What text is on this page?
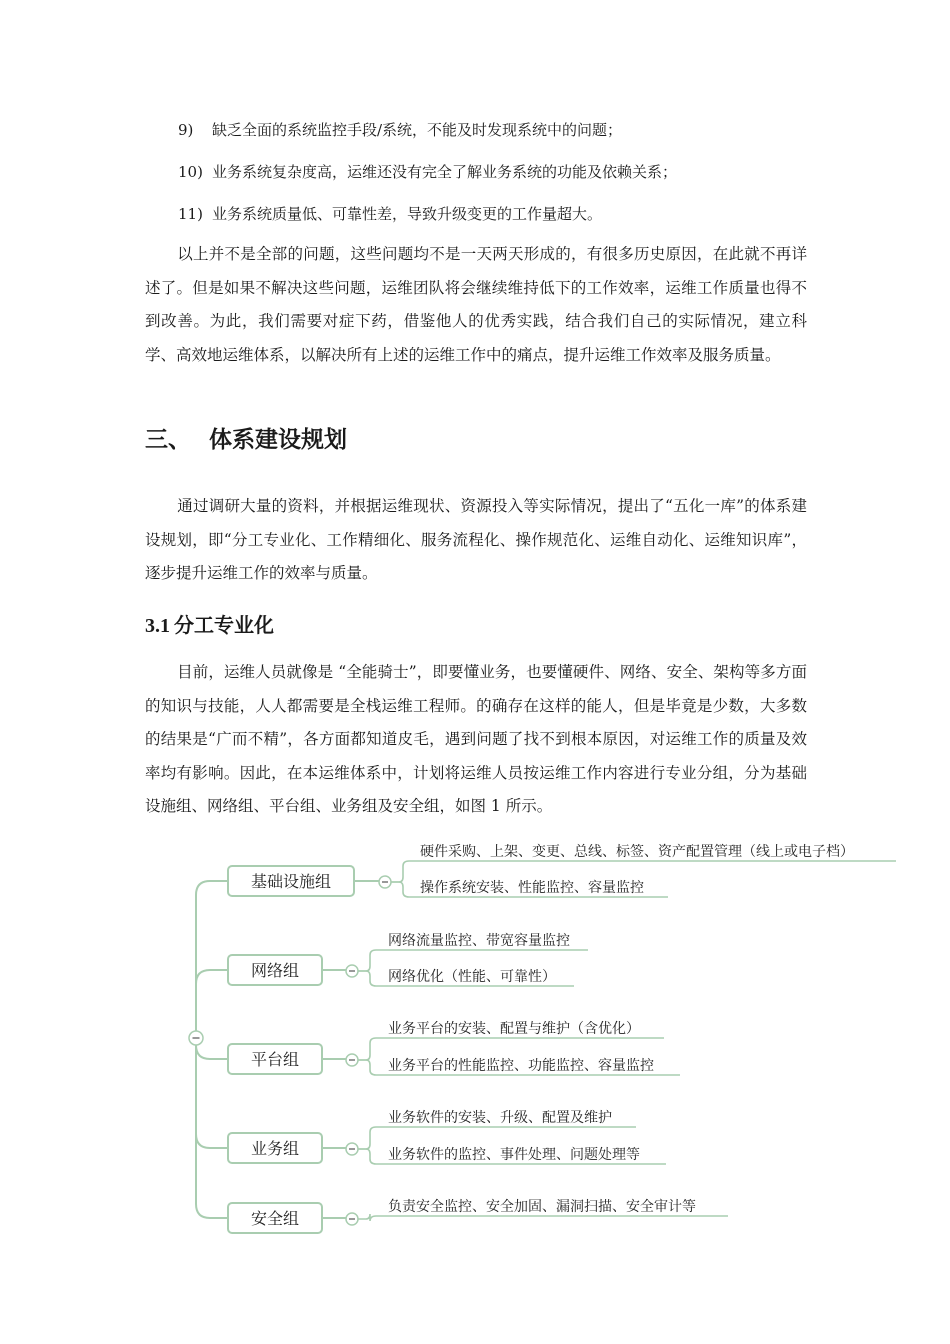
9) 缺乏全面的系统监控手段/系统，不能及时发现系统中的问题；
10) 业务系统复杂度高，运维还没有完全了解业务系统的功能及依赖关系；
11) 业务系统质量低、可靠性差，导致升级变更的工作量超大。

以上并不是全部的问题，这些问题均不是一天两天形成的，有很多历史原因，在此就不再详述了。但是如果不解决这些问题，运维团队将会继续维持低下的工作效率，运维工作质量也得不到改善。为此，我们需要对症下药，借鉴他人的优秀实践，结合我们自己的实际情况，建立科学、高效地运维体系，以解决所有上述的运维工作中的痛点，提升运维工作效率及服务质量。

三、 体系建设规划

通过调研大量的资料，并根据运维现状、资源投入等实际情况，提出了“五化一库”的体系建设规划，即“分工专业化、工作精细化、服务流程化、操作规范化、运维自动化、运维知识库”，逐步提升运维工作的效率与质量。

3.1 分工专业化

目前，运维人员就像是 “全能骑士”，即要懂业务，也要懂硬件、网络、安全、架构等多方面的知识与技能，人人都需要是全栈运维工程师。的确存在这样的能人，但是毕竟是少数，大多数的结果是“广而不精”，各方面都知道皮毛，遇到问题了找不到根本原因，对运维工作的质量及效率均有影响。因此，在本运维体系中，计划将运维人员按运维工作内容进行专业分组，分为基础设施组、网络组、平台组、业务组及安全组，如图 1 所示。

基础设施组
硬件采购、上架、变更、总线、标签、资产配置管理（线上或电子档）
操作系统安装、性能监控、容量监控
网络组
网络流量监控、带宽容量监控
网络优化（性能、可靠性）
平台组
业务平台的安装、配置与维护（含优化）
业务平台的性能监控、功能监控、容量监控
业务组
业务软件的安装、升级、配置及维护
业务软件的监控、事件处理、问题处理等
安全组
负责安全监控、安全加固、漏洞扫描、安全审计等
